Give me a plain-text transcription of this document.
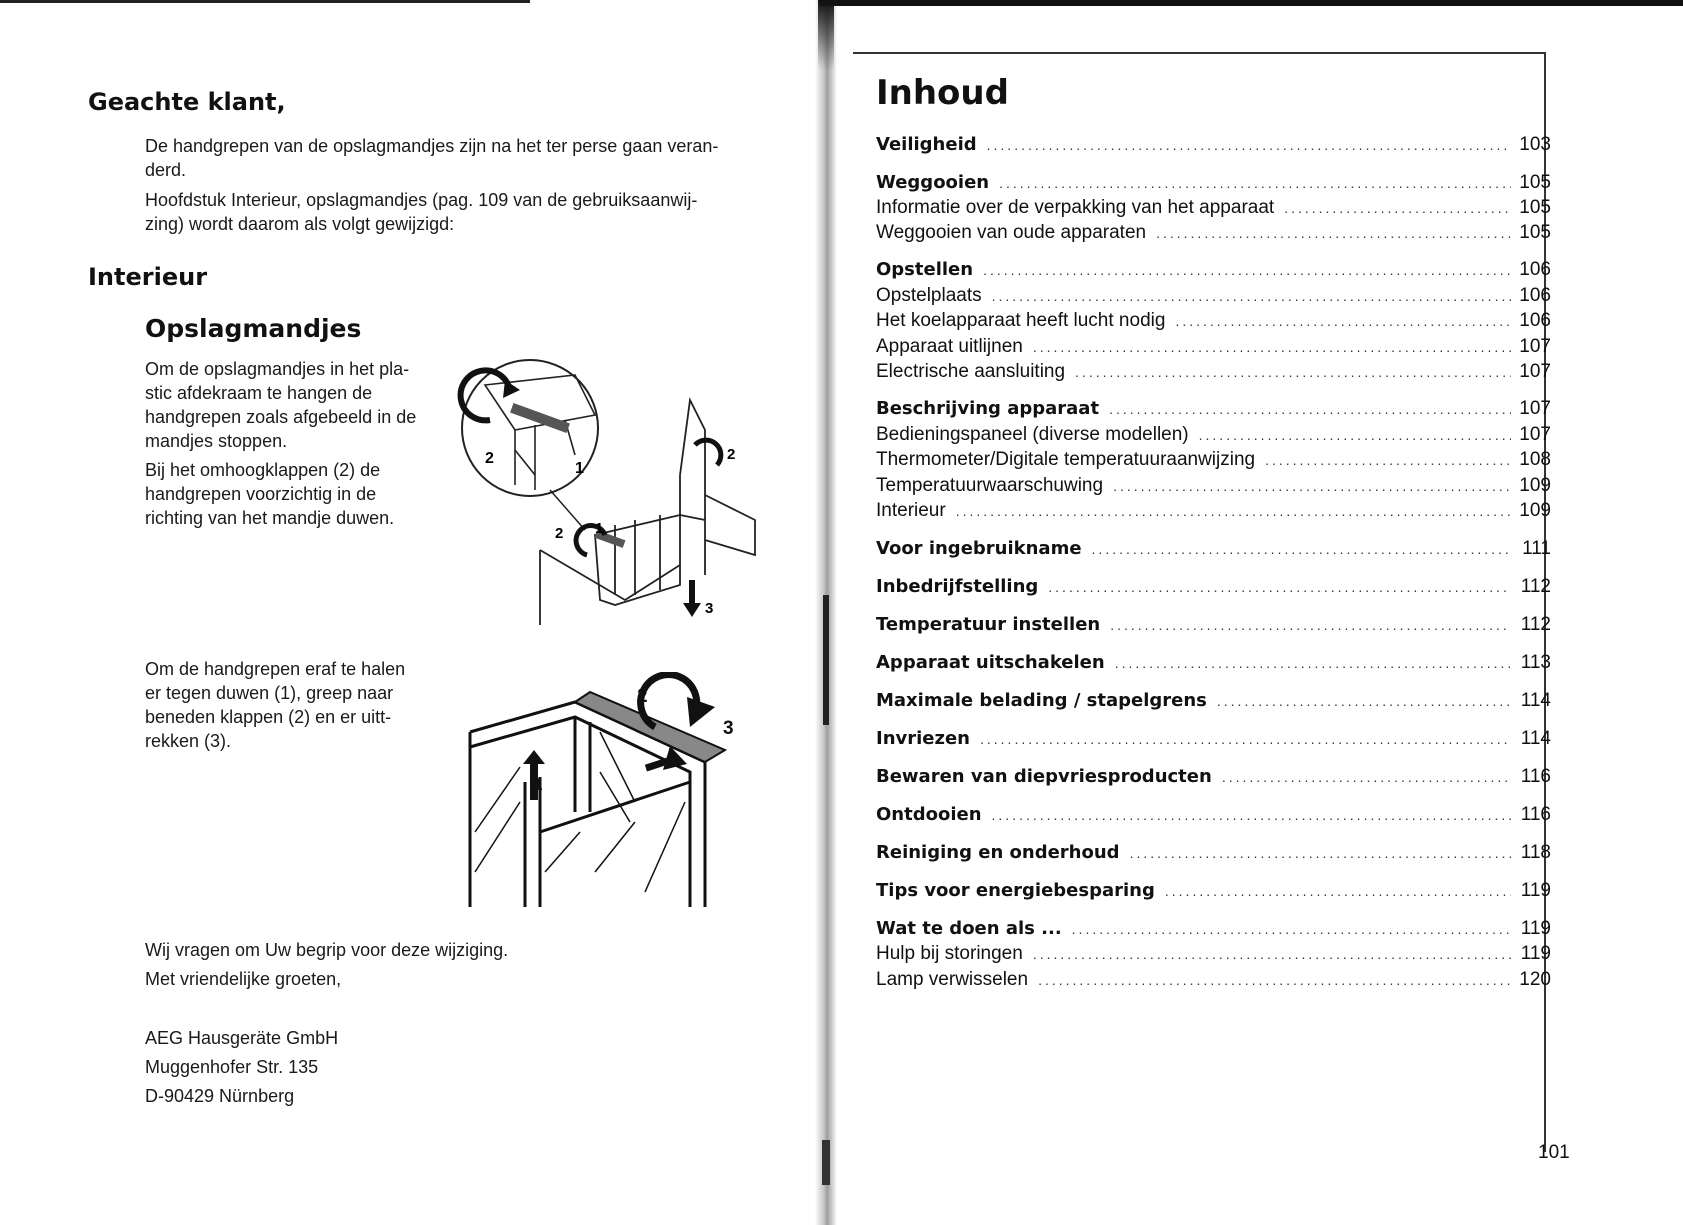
Geachte klant,
De handgrepen van de opslagmandjes zijn na het ter perse gaan veran-
derd.
Hoofdstuk Interieur, opslagmandjes (pag. 109 van de gebruiksaanwij-
zing) wordt daarom als volgt gewijzigd:
Interieur
Opslagmandjes
Om de opslagmandjes in het pla-
stic afdekraam te hangen de
handgrepen zoals afgebeeld in de
mandjes stoppen.
Bij het omhoogklappen (2) de
handgrepen voorzichtig in de
richting van het mandje duwen.
2
1
1
2
2
3
Om de handgrepen eraf te halen
er tegen duwen (1), greep naar
beneden klappen (2) en er uitt-
rekken (3).
1
2
3
Wij vragen om Uw begrip voor deze wijziging.
Met vriendelijke groeten,
AEG Hausgeräte GmbH
Muggenhofer Str. 135
D-90429 Nürnberg
Inhoud
Veiligheid .....	103
Weggooien .....	105
Informatie over de verpakking van het apparaat .....	105
Weggooien van oude apparaten .....	105
Opstellen .....	106
Opstelplaats .....	106
Het koelapparaat heeft lucht nodig .....	106
Apparaat uitlijnen .....	107
Electrische aansluiting .....	107
Beschrijving apparaat .....	107
Bedieningspaneel (diverse modellen) .....	107
Thermometer/Digitale temperatuuraanwijzing .....	108
Temperatuurwaarschuwing .....	109
Interieur .....	109
Voor ingebruikname .....	111
Inbedrijfstelling .....	112
Temperatuur instellen .....	112
Apparaat uitschakelen .....	113
Maximale belading / stapelgrens .....	114
Invriezen .....	114
Bewaren van diepvriesproducten .....	116
Ontdooien .....	116
Reiniging en onderhoud .....	118
Tips voor energiebesparing .....	119
Wat te doen als ... .....	119
Hulp bij storingen .....	119
Lamp verwisselen .....	120
101
